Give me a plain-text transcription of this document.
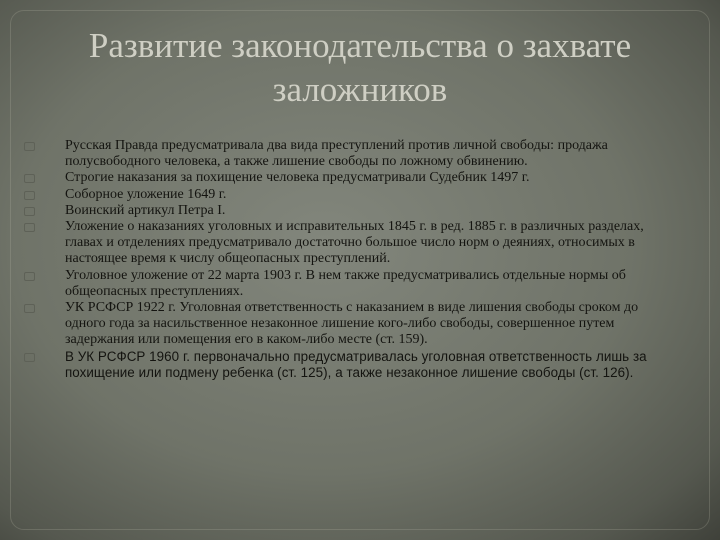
Развитие законодательства о захвате
заложников
Русская Правда предусматривала два вида преступлений против личной свободы: продажа полусвободного человека, а также лишение свободы по ложному обвинению.
Строгие наказания за похищение человека предусматривали Судебник 1497 г.
Соборное уложение 1649 г.
Воинский артикул Петра I.
Уложение о наказаниях уголовных и исправительных 1845 г. в ред. 1885 г. в различных разделах, главах и отделениях предусматривало достаточно большое число норм о деяниях, относимых в настоящее время к числу общеопасных преступлений.
Уголовное уложение от 22 марта 1903 г. В нем также предусматривались отдельные нормы об общеопасных преступлениях.
УК РСФСР 1922 г. Уголовная ответственность с наказанием в виде лишения свободы сроком до одного года за насильственное незаконное лишение кого-либо свободы, совершенное путем задержания или помещения его в каком-либо месте (ст. 159).
В УК РСФСР 1960 г. первоначально предусматривалась уголовная ответственность лишь за похищение или подмену ребенка (ст. 125), а также незаконное лишение свободы (ст. 126).
